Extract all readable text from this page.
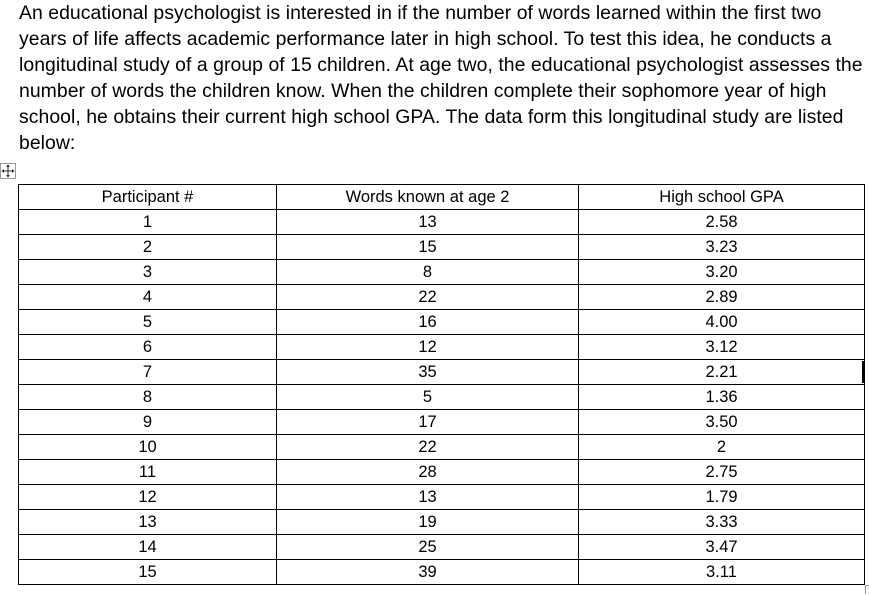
An educational psychologist is interested in if the number of words learned within the first two years of life affects academic performance later in high school. To test this idea, he conducts a longitudinal study of a group of 15 children. At age two, the educational psychologist assesses the number of words the children know. When the children complete their sophomore year of high school, he obtains their current high school GPA. The data form this longitudinal study are listed below:

Participant #	Words known at age 2	High school GPA
1	13	2.58
2	15	3.23
3	8	3.20
4	22	2.89
5	16	4.00
6	12	3.12
7	35	2.21
8	5	1.36
9	17	3.50
10	22	2
11	28	2.75
12	13	1.79
13	19	3.33
14	25	3.47
15	39	3.11
